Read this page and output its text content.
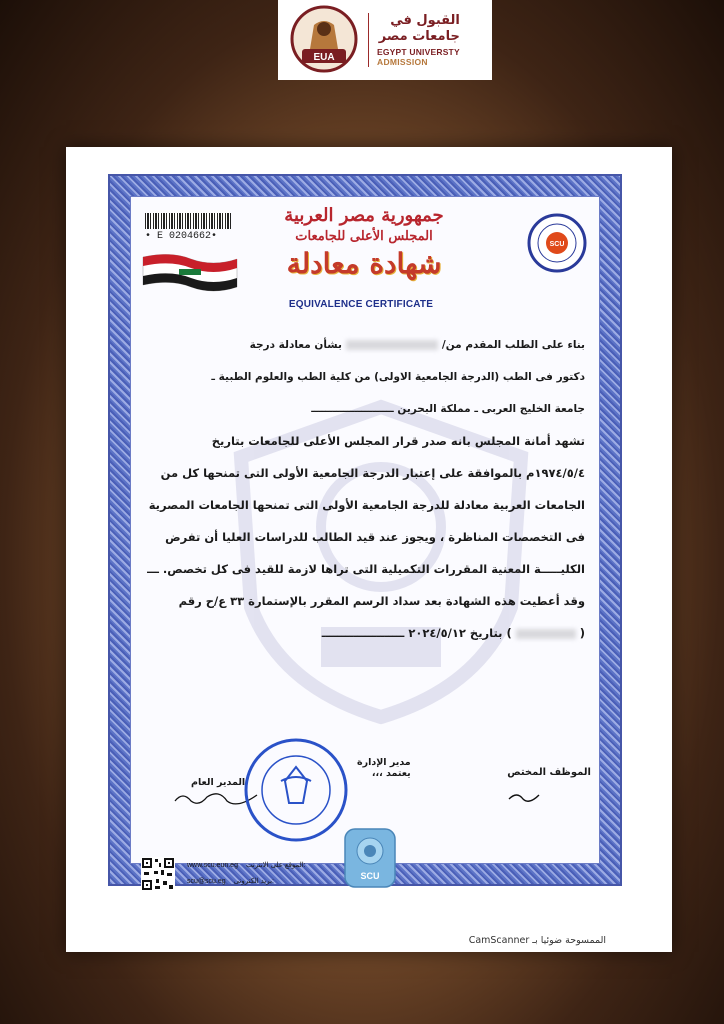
EUA
القبول في
جامعات مصر
EGYPT UNIVERSTY
ADMISSION
• E 0204662•
جمهورية مصر العربية
المجلس الأعلى للجامعات
شهادة معادلة
EQUIVALENCE CERTIFICATE
SCU
بناء على الطلب المقدم من/بشأن معادلة درجة
دكتور فى الطب (الدرجة الجامعية الاولى) من كلية الطب والعلوم الطبية ـ
جامعة الخليج العربى ـ مملكة البحرين ـــــــــــــــــــــــ
تشهد أمانة المجلس بانه صدر قرار المجلس الأعلى للجامعات بتاريخ
١٩٧٤/٥/٤م بالموافقة على إعتبار الدرجة الجامعية الأولى التى تمنحها كل من
الجامعات العربية معادلة للدرجة الجامعية الأولى التى تمنحها الجامعات المصرية
فى التخصصات المناظرة ، ويجوز عند قيد الطالب للدراسات العليا أن تفرض
الكليـــــة المعنية المقررات التكميلية التى تراها لازمة للقيد فى كل تخصص. ـــ
وقد أعطيت هذه الشهادة بعد سداد الرسم المقرر بالإستمارة ٣٣ ع/ح رقم
() بتاريخ ٢٠٢٤/٥/١٢ ـــــــــــــــــــــ
الموظف المختص
مدير الإدارة
يعتمد ،،،
المدير العام
SCU
www.scu.eun.eg الموقع على الانترنت:
scu@scu.eg بريد الكترونى:
الممسوحة ضوئيا بـ CamScanner
